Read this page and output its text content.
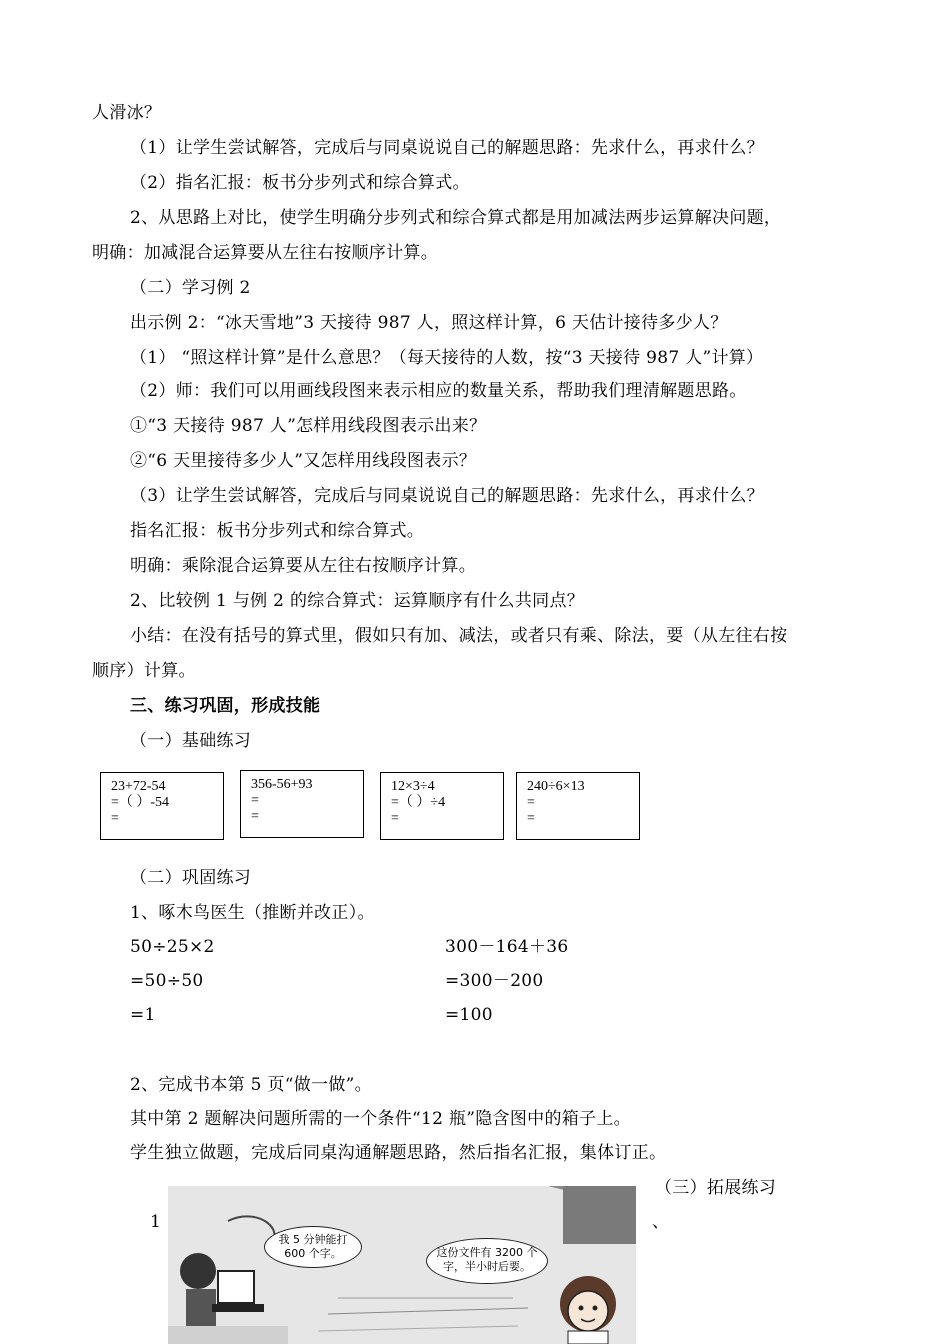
人滑冰？
（1）让学生尝试解答，完成后与同桌说说自己的解题思路：先求什么，再求什么？
（2）指名汇报：板书分步列式和综合算式。
2、从思路上对比，使学生明确分步列式和综合算式都是用加减法两步运算解决问题，
明确：加减混合运算要从左往右按顺序计算。
（二）学习例 2
出示例 2：“冰天雪地”3 天接待 987 人，照这样计算，6 天估计接待多少人？
（1） “照这样计算”是什么意思？（每天接待的人数，按“3 天接待 987 人”计算）
（2）师：我们可以用画线段图来表示相应的数量关系，帮助我们理清解题思路。
①“3 天接待 987 人”怎样用线段图表示出来？
②“6 天里接待多少人”又怎样用线段图表示？
（3）让学生尝试解答，完成后与同桌说说自己的解题思路：先求什么，再求什么？
指名汇报：板书分步列式和综合算式。
明确：乘除混合运算要从左往右按顺序计算。
2、比较例 1 与例 2 的综合算式：运算顺序有什么共同点？
小结：在没有括号的算式里，假如只有加、减法，或者只有乘、除法，要（从左往右按
顺序）计算。
三、练习巩固，形成技能
（一）基础练习
23+72-54
=（ ）-54
=
356-56+93
=
=
12×3÷4
=（ ）÷4
=
240÷6×13
=
=
（二）巩固练习
1、啄木鸟医生（推断并改正）。
50÷25×2
=50÷50
=1
300－164＋36
=300－200
=100
2、完成书本第 5 页“做一做”。
其中第 2 题解决问题所需的一个条件“12 瓶”隐含图中的箱子上。
学生独立做题，完成后同桌沟通解题思路，然后指名汇报，集体订正。
（三）拓展练习
1	、
我 5 分钟能打
600 个字。	这份文件有 3200 个
字，半小时后要。
